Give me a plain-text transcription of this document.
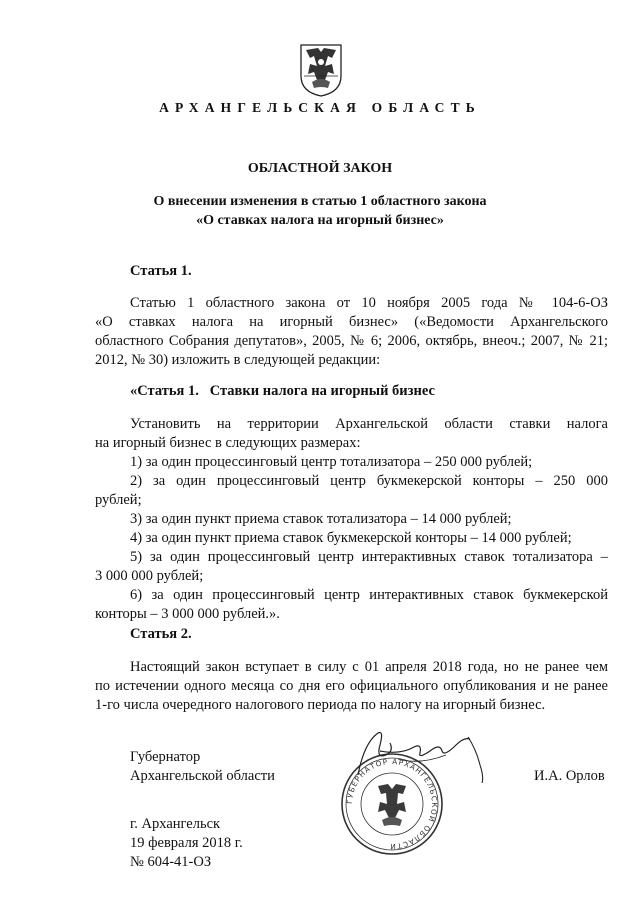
АРХАНГЕЛЬСКАЯ ОБЛАСТЬ
ОБЛАСТНОЙ ЗАКОН
О внесении изменения в статью 1 областного закона
«О ставках налога на игорный бизнес»
Статья 1.

Статью 1 областного закона от 10 ноября 2005 года № 104-6-ОЗ

«О ставках налога на игорный бизнес» («Ведомости Архангельского

областного Собрания депутатов», 2005, № 6; 2006, октябрь, внеоч.; 2007, № 21;

2012, № 30) изложить в следующей редакции:

«Статья 1.   Ставки налога на игорный бизнес

Установить на территории Архангельской области ставки налога

на игорный бизнес в следующих размерах:

1) за один процессинговый центр тотализатора – 250 000 рублей;

2) за один процессинговый центр букмекерской конторы – 250 000

рублей;

3) за один пункт приема ставок тотализатора – 14 000 рублей;

4) за один пункт приема ставок букмекерской конторы – 14 000 рублей;

5) за один процессинговый центр интерактивных ставок тотализатора –

3 000 000 рублей;

6) за один процессинговый центр интерактивных ставок букмекерской

конторы – 3 000 000 рублей.».

Статья 2.

Настоящий закон вступает в силу с 01 апреля 2018 года, но не ранее чем

по истечении одного месяца со дня его официального опубликования и не ранее

1-го числа очередного налогового периода по налогу на игорный бизнес.

ГУБЕРНАТОР АРХАНГЕЛЬСКОЙ ОБЛАСТИ
Губернатор
Архангельской области	И.А. Орлов
г. Архангельск
19 февраля 2018 г.
№ 604-41-ОЗ
